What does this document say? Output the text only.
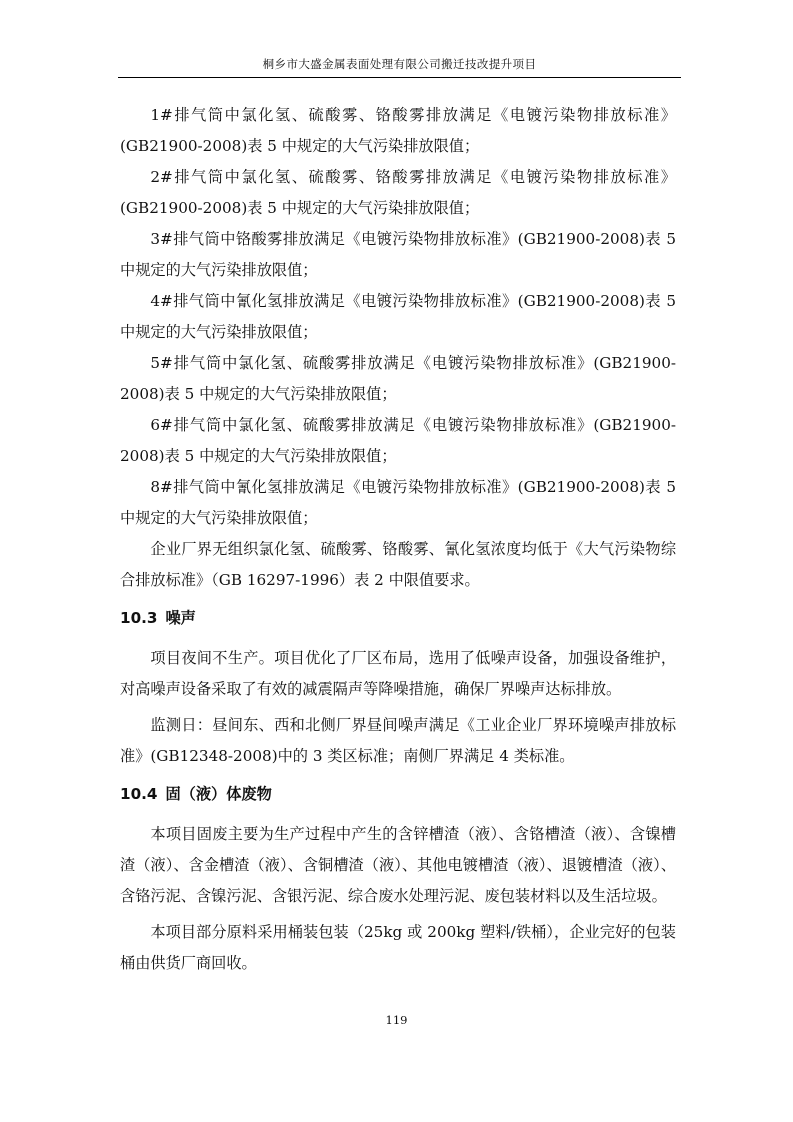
桐乡市大盛金属表面处理有限公司搬迁技改提升项目

1#排气筒中氯化氢、硫酸雾、铬酸雾排放满足《电镀污染物排放标准》(GB21900-2008)表 5 中规定的大气污染排放限值；

2#排气筒中氯化氢、硫酸雾、铬酸雾排放满足《电镀污染物排放标准》(GB21900-2008)表 5 中规定的大气污染排放限值；

3#排气筒中铬酸雾排放满足《电镀污染物排放标准》(GB21900-2008)表 5 中规定的大气污染排放限值；

4#排气筒中氰化氢排放满足《电镀污染物排放标准》(GB21900-2008)表 5 中规定的大气污染排放限值；

5#排气筒中氯化氢、硫酸雾排放满足《电镀污染物排放标准》(GB21900-2008)表 5 中规定的大气污染排放限值；

6#排气筒中氯化氢、硫酸雾排放满足《电镀污染物排放标准》(GB21900-2008)表 5 中规定的大气污染排放限值；

8#排气筒中氰化氢排放满足《电镀污染物排放标准》(GB21900-2008)表 5 中规定的大气污染排放限值；

企业厂界无组织氯化氢、硫酸雾、铬酸雾、氰化氢浓度均低于《大气污染物综合排放标准》（GB 16297-1996）表 2 中限值要求。

10.3 噪声

项目夜间不生产。项目优化了厂区布局，选用了低噪声设备，加强设备维护，对高噪声设备采取了有效的减震隔声等降噪措施，确保厂界噪声达标排放。

监测日：昼间东、西和北侧厂界昼间噪声满足《工业企业厂界环境噪声排放标准》(GB12348-2008)中的 3 类区标准；南侧厂界满足 4 类标准。

10.4 固（液）体废物

本项目固废主要为生产过程中产生的含锌槽渣（液）、含铬槽渣（液）、含镍槽渣（液）、含金槽渣（液）、含铜槽渣（液）、其他电镀槽渣（液）、退镀槽渣（液）、含铬污泥、含镍污泥、含银污泥、综合废水处理污泥、废包装材料以及生活垃圾。

本项目部分原料采用桶装包装（25kg 或 200kg 塑料/铁桶），企业完好的包装桶由供货厂商回收。

119
